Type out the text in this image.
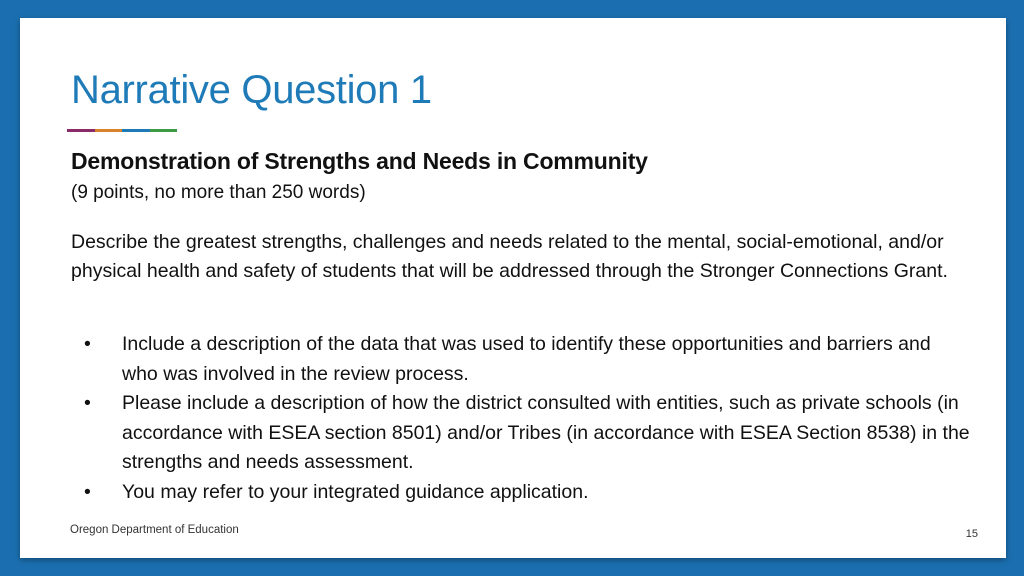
Narrative Question 1
Demonstration of Strengths and Needs in Community
(9 points, no more than 250 words)

Describe the greatest strengths, challenges and needs related to the mental, social-emotional, and/or physical health and safety of students that will be addressed through the Stronger Connections Grant.

• Include a description of the data that was used to identify these opportunities and barriers and who was involved in the review process.
• Please include a description of how the district consulted with entities, such as private schools (in accordance with ESEA section 8501) and/or Tribes (in accordance with ESEA Section 8538) in the strengths and needs assessment.
• You may refer to your integrated guidance application.
Oregon Department of Education	15
